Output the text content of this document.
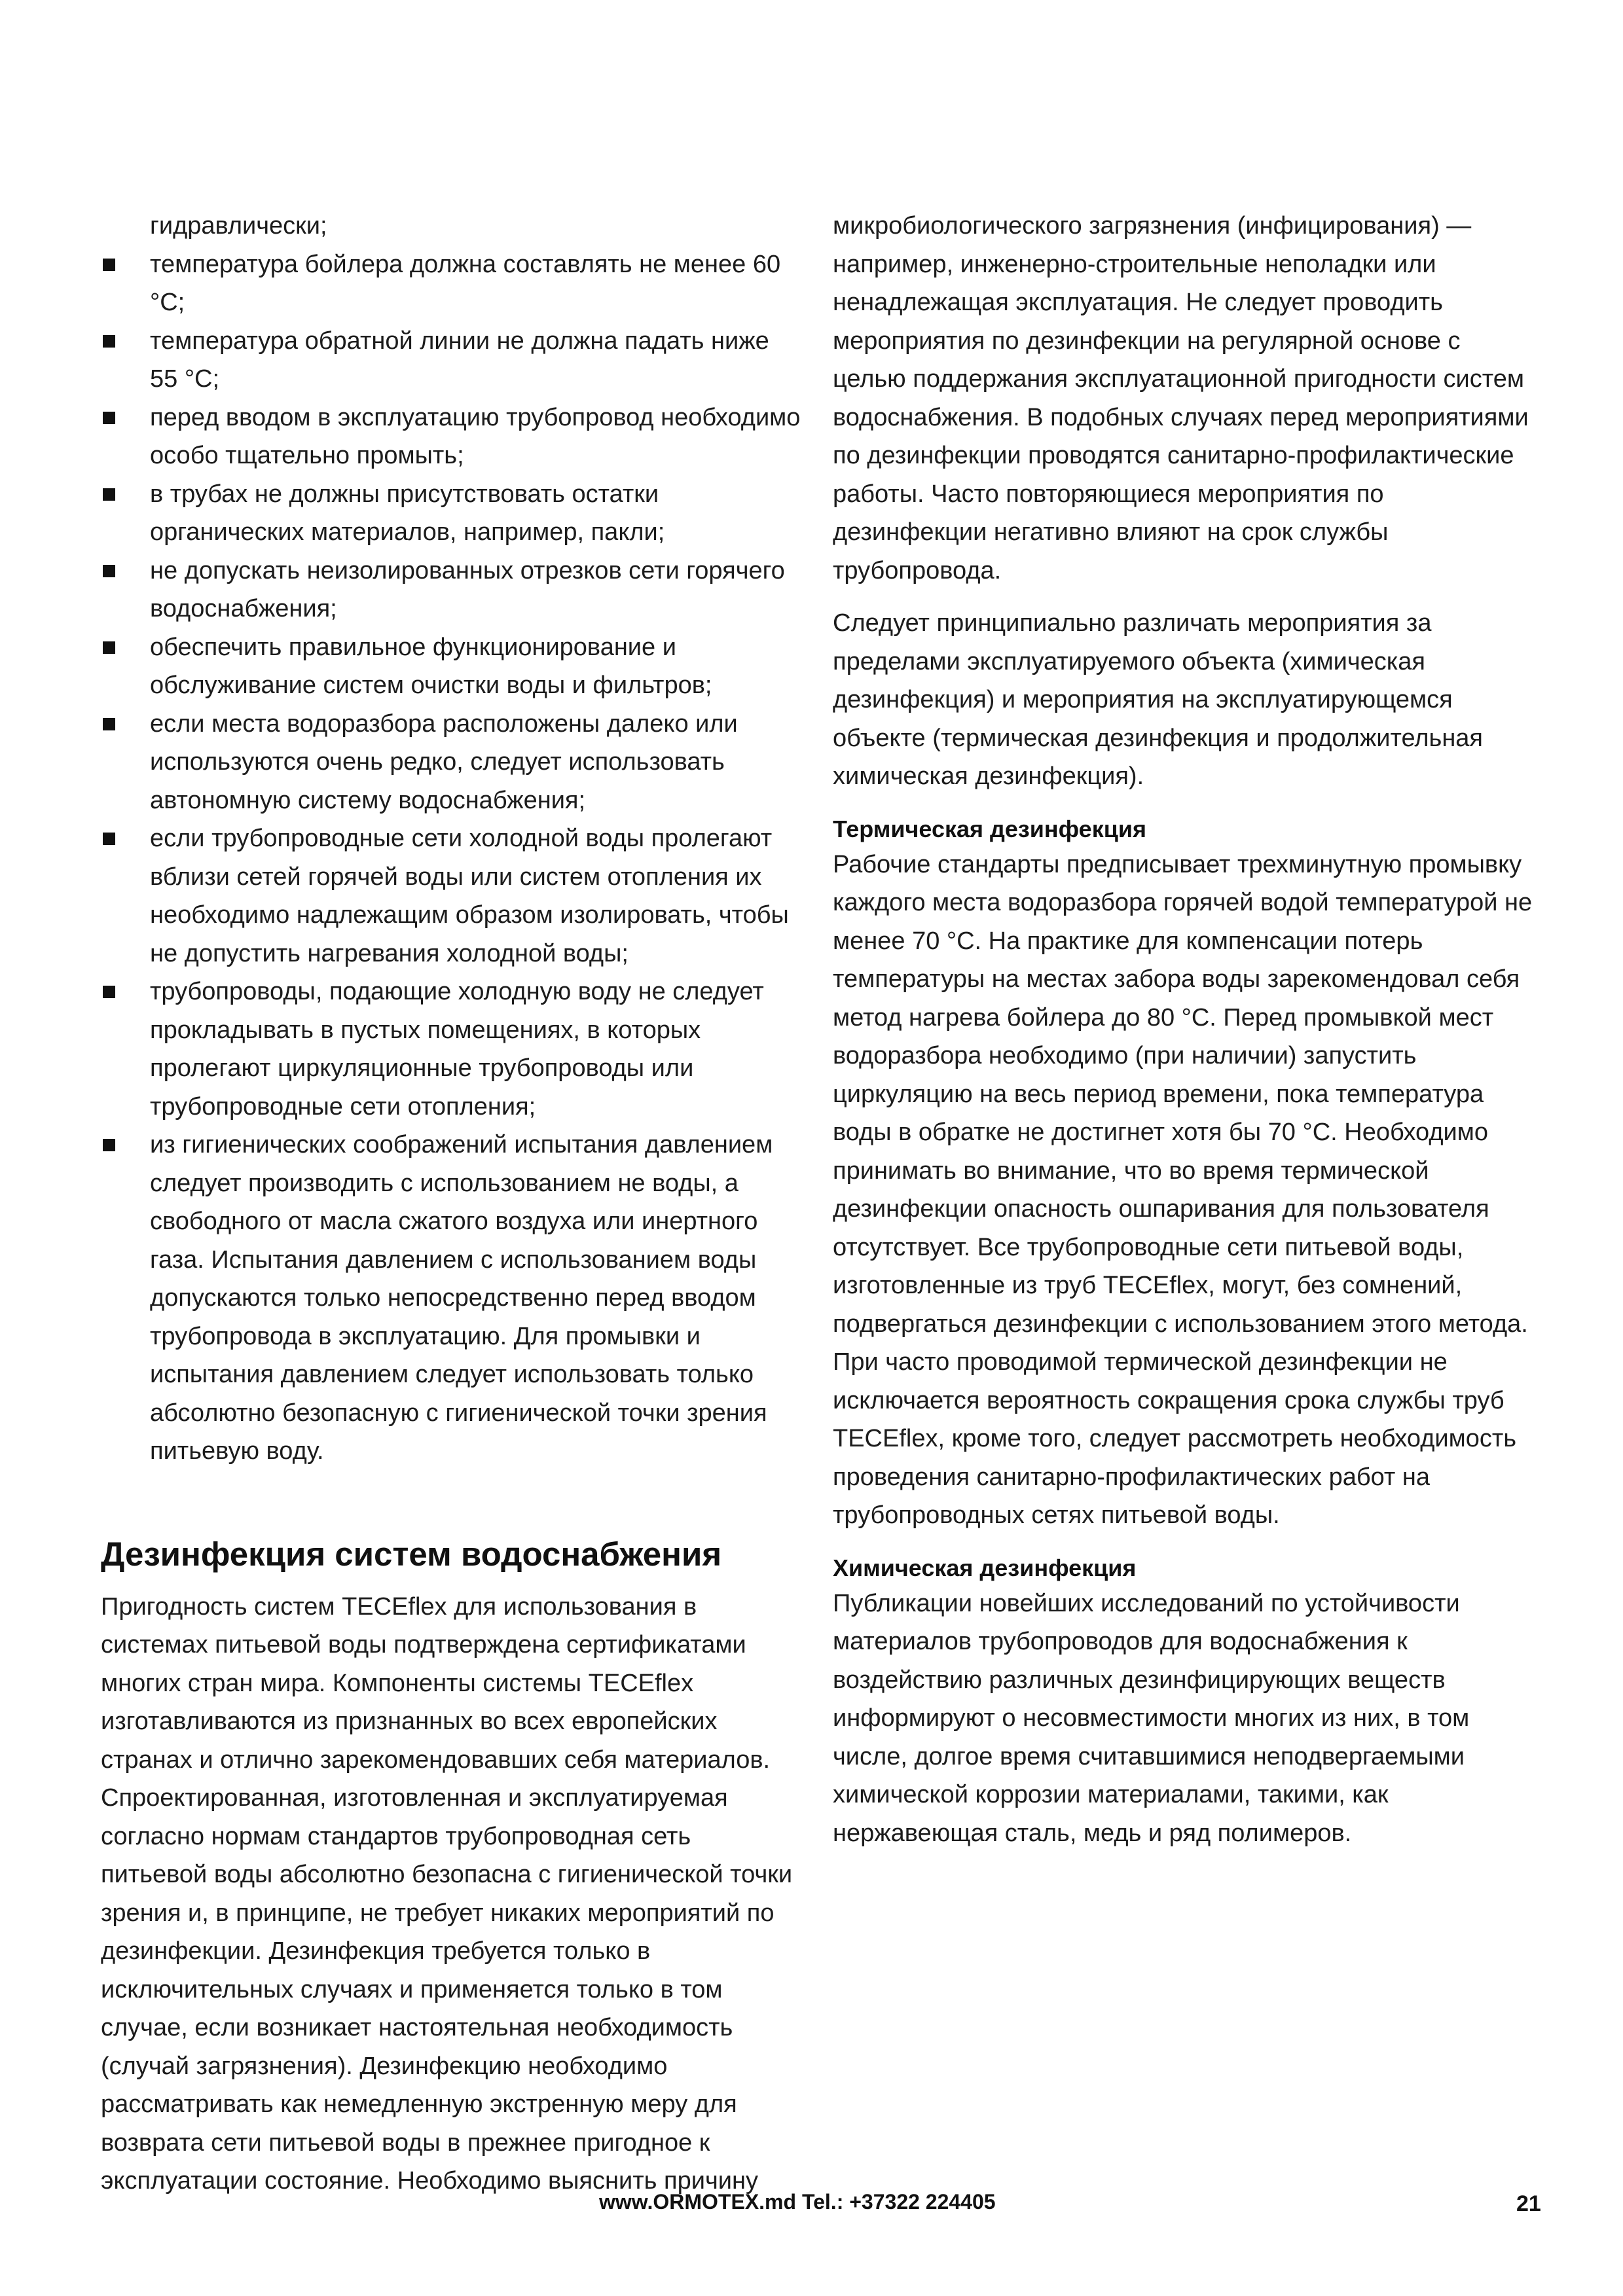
гидравлически;
температура бойлера должна составлять не менее 60 °С;
температура обратной линии не должна падать ниже 55 °С;
перед вводом в эксплуатацию трубопровод необходимо особо тщательно промыть;
в трубах не должны присутствовать остатки органических материалов, например, пакли;
не допускать неизолированных отрезков сети горячего водоснабжения;
обеспечить правильное функционирование и обслуживание систем очистки воды и фильтров;
если места водоразбора расположены далеко или используются очень редко, следует использовать автономную систему водоснабжения;
если трубопроводные сети холодной воды пролегают вблизи сетей горячей воды или систем отопления их необходимо надлежащим образом изолировать, чтобы не допустить нагревания холодной воды;
трубопроводы, подающие холодную воду не следует прокладывать в пустых помещениях, в которых пролегают циркуляционные трубопроводы или трубопроводные сети отопления;
из гигиенических соображений испытания давлением следует производить с использованием не воды, а свободного от масла сжатого воздуха или инертного газа. Испытания давлением с использованием воды допускаются только непосредственно перед вводом трубопровода в эксплуатацию. Для промывки и испытания давлением следует использовать только абсолютно безопасную с гигиенической точки зрения питьевую воду.
Дезинфекция систем водоснабжения

Пригодность систем TECEflex для использования в системах питьевой воды подтверждена сертификатами многих стран мира. Компоненты системы TECEflex изготавливаются из признанных во всех европейских странах и отлично зарекомендовавших себя материалов. Спроектированная, изготовленная и эксплуатируемая согласно нормам стандартов трубопроводная сеть питьевой воды абсолютно безопасна с гигиенической точки зрения и, в принципе, не требует никаких мероприятий по дезинфекции. Дезинфекция требуется только в исключительных случаях и применяется только в том случае, если возникает настоятельная необходимость (случай загрязнения). Дезинфекцию необходимо рассматривать как немедленную экстренную меру для возврата сети питьевой воды в прежнее пригодное к эксплуатации состояние. Необходимо выяснить причину

микробиологического загрязнения (инфицирования) — например, инженерно-строительные неполадки или ненадлежащая эксплуатация. Не следует проводить мероприятия по дезинфекции на регулярной основе с целью поддержания эксплуатационной пригодности систем водоснабжения. В подобных случаях перед мероприятиями по дезинфекции проводятся санитарно-профилактические работы. Часто повторяющиеся мероприятия по дезинфекции негативно влияют на срок службы трубопровода.

Следует принципиально различать мероприятия за пределами эксплуатируемого объекта (химическая дезинфекция) и мероприятия на эксплуатирующемся объекте (термическая дезинфекция и продолжительная химическая дезинфекция).

Термическая дезинфекция

Рабочие стандарты предписывает трехминутную промывку каждого места водоразбора горячей водой температурой не менее 70 °С. На практике для компенсации потерь температуры на местах забора воды зарекомендовал себя метод нагрева бойлера до 80 °С. Перед промывкой мест водоразбора необходимо (при наличии) запустить циркуляцию на весь период времени, пока температура воды в обратке не достигнет хотя бы 70 °С. Необходимо принимать во внимание, что во время термической дезинфекции опасность ошпаривания для пользователя отсутствует. Все трубопроводные сети питьевой воды, изготовленные из труб TECEflex, могут, без сомнений, подвергаться дезинфекции с использованием этого метода. При часто проводимой термической дезинфекции не исключается вероятность сокращения срока службы труб TECEflex, кроме того, следует рассмотреть необходимость проведения санитарно-профилактических работ на трубопроводных сетях питьевой воды.

Химическая дезинфекция

Публикации новейших исследований по устойчивости материалов трубопроводов для водоснабжения к воздействию различных дезинфицирующих веществ информируют о несовместимости многих из них, в том числе, долгое время считавшимися неподвергаемыми химической коррозии материалами, такими, как нержавеющая сталь, медь и ряд полимеров.

www.ORMOTEX.md Tel.: +37322 224405	21
